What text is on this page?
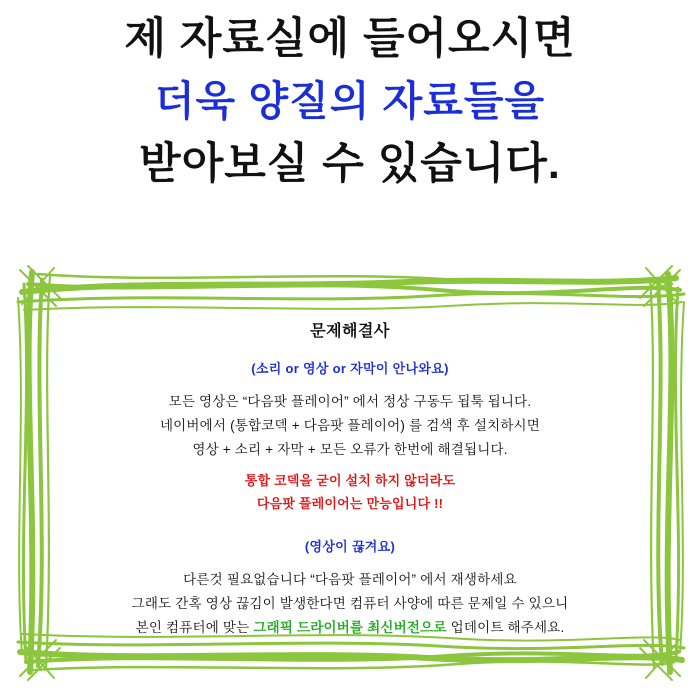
제 자료실에 들어오시면
더욱 양질의 자료들을
받아보실 수 있습니다.
문제해결사
(소리 or 영상 or 자막이 안나와요)
모든 영상은 “다음팟 플레이어” 에서 정상 구동두 됩툭 됩니다.
네이버에서 (통합코덱 + 다음팟 플레이어) 를 검색 후 설치하시면
영상 + 소리 + 자막 + 모든 오류가 한번에 해결됩니다.
통합 코덱을 굳이 설치 하지 않더라도
다음팟 플레이어는 만능입니다 !!
(영상이 끊겨요)
다른것 필요없습니다 “다음팟 플레이어” 에서 재생하세요
그래도 간혹 영상 끊김이 발생한다면 컴퓨터 사양에 따른 문제일 수 있으니
본인 컴퓨터에 맞는 그래픽 드라이버를 최신버전으로 업데이트 해주세요.
